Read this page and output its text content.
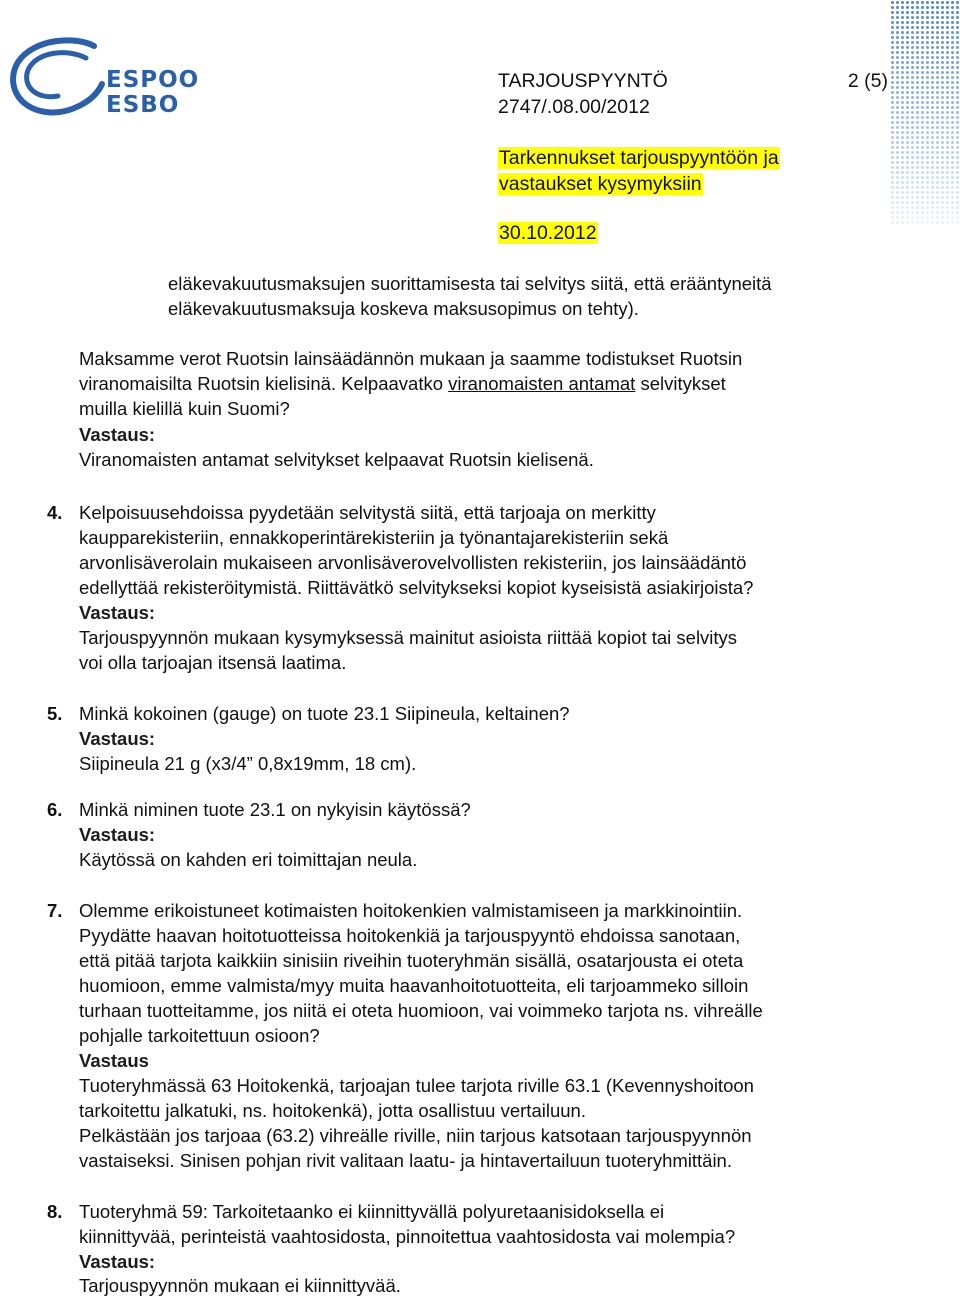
ESPOO
ESBO
TARJOUSPYYNTÖ	2 (5)
2747/.08.00/2012
Tarkennukset tarjouspyyntöön ja
vastaukset kysymyksiin
30.10.2012
eläkevakuutusmaksujen suorittamisesta tai selvitys siitä, että erääntyneitä
eläkevakuutusmaksuja koskeva maksusopimus on tehty).
Maksamme verot Ruotsin lainsäädännön mukaan ja saamme todistukset Ruotsin
viranomaisilta Ruotsin kielisinä. Kelpaavatko viranomaisten antamat selvitykset
muilla kielillä kuin Suomi?
Vastaus:
Viranomaisten antamat selvitykset kelpaavat Ruotsin kielisenä.
4. Kelpoisuusehdoissa pyydetään selvitystä siitä, että tarjoaja on merkitty
kaupparekisteriin, ennakkoperintärekisteriin ja työnantajarekisteriin sekä
arvonlisäverolain mukaiseen arvonlisäverovelvollisten rekisteriin, jos lainsäädäntö
edellyttää rekisteröitymistä. Riittävätkö selvitykseksi kopiot kyseisistä asiakirjoista?
Vastaus:
Tarjouspyynnön mukaan kysymyksessä mainitut asioista riittää kopiot tai selvitys
voi olla tarjoajan itsensä laatima.
5. Minkä kokoinen (gauge) on tuote 23.1 Siipineula, keltainen?
Vastaus:
Siipineula 21 g (x3/4” 0,8x19mm, 18 cm).
6. Minkä niminen tuote 23.1 on nykyisin käytössä?
Vastaus:
Käytössä on kahden eri toimittajan neula.
7. Olemme erikoistuneet kotimaisten hoitokenkien valmistamiseen ja markkinointiin.
Pyydätte haavan hoitotuotteissa hoitokenkiä ja tarjouspyyntö ehdoissa sanotaan,
että pitää tarjota kaikkiin sinisiin riveihin tuoteryhmän sisällä, osatarjousta ei oteta
huomioon, emme valmista/myy muita haavanhoitotuotteita, eli tarjoammeko silloin
turhaan tuotteitamme, jos niitä ei oteta huomioon, vai voimmeko tarjota ns. vihreälle
pohjalle tarkoitettuun osioon?
Vastaus
Tuoteryhmässä 63 Hoitokenkä, tarjoajan tulee tarjota riville 63.1 (Kevennyshoitoon
tarkoitettu jalkatuki, ns. hoitokenkä), jotta osallistuu vertailuun.
Pelkästään jos tarjoaa (63.2) vihreälle riville, niin tarjous katsotaan tarjouspyynnön
vastaiseksi. Sinisen pohjan rivit valitaan laatu- ja hintavertailuun tuoteryhmittäin.
8. Tuoteryhmä 59: Tarkoitetaanko ei kiinnittyvällä polyuretaanisidoksella ei
kiinnittyvää, perinteistä vaahtosidosta, pinnoitettua vaahtosidosta vai molempia?
Vastaus:
Tarjouspyynnön mukaan ei kiinnittyvää.
